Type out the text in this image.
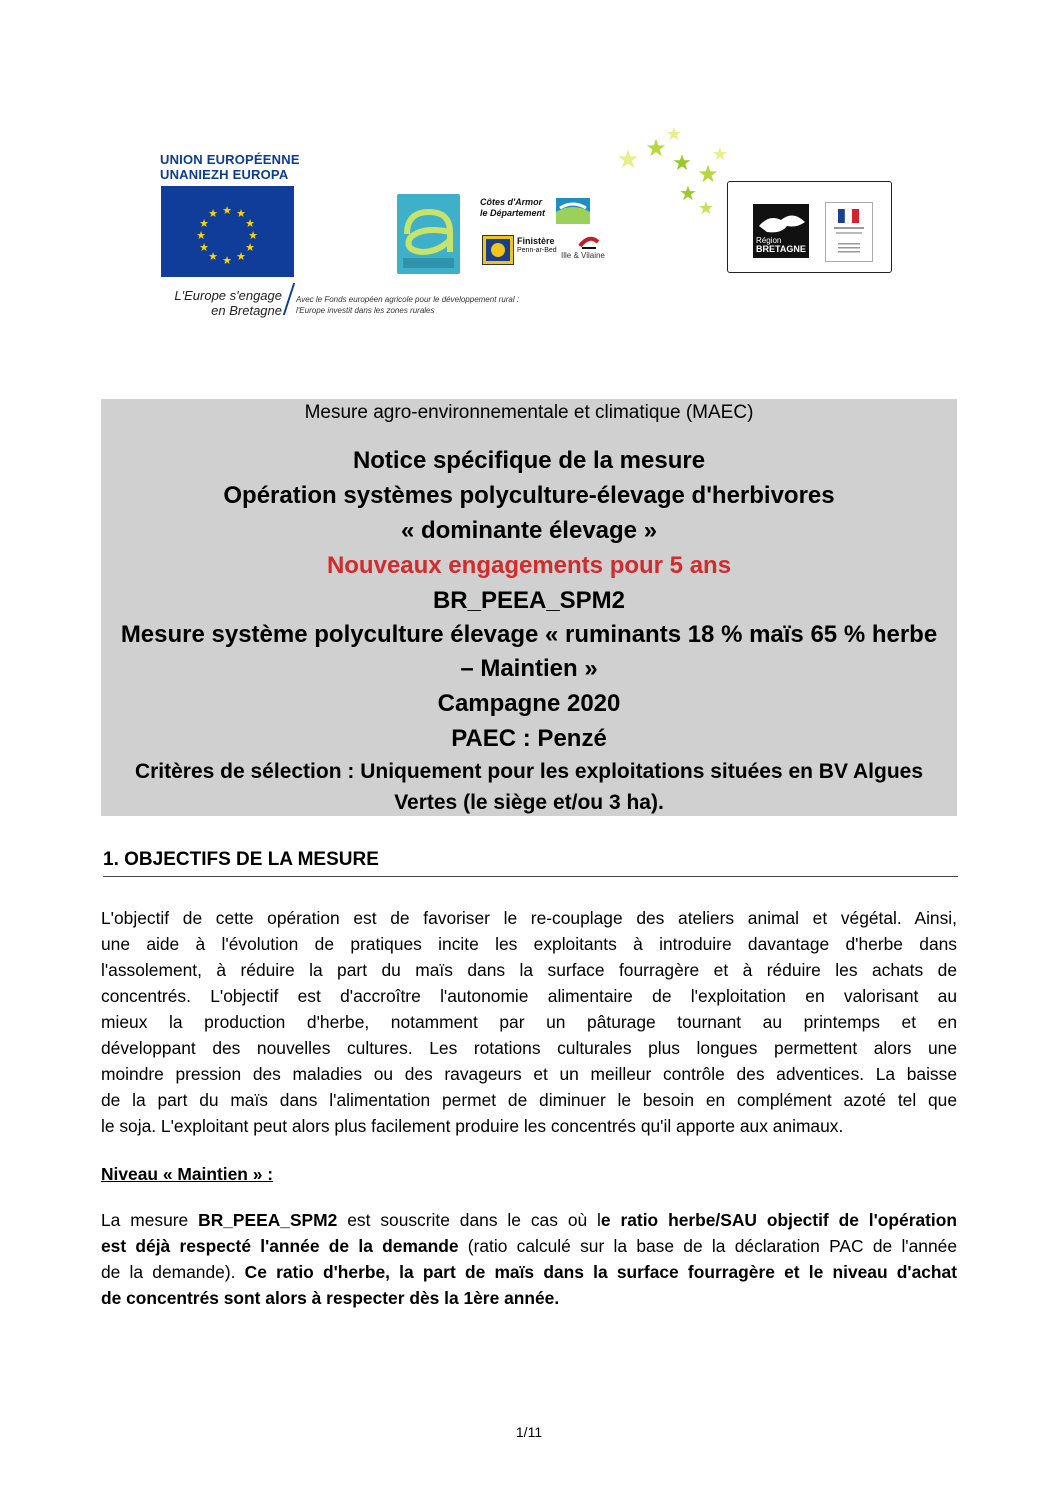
UNION EUROPÉENNE
UNANIEZH EUROPA
★ ★
★
★
★
★
★
★
★
★
★
★
L'Europe s'engage
en Bretagne
Avec le Fonds européen agricole pour le développement rural :
l'Europe investit dans les zones rurales
Côtes d'Armor
le Département
Finistère
Penn-ar-Bed
Ille & Vilaine
★ ★ ★
★ ★
★
★
★
Région
BRETAGNE
Mesure agro-environnementale et climatique (MAEC)
Notice spécifique de la mesure
Opération systèmes polyculture-élevage d'herbivores
« dominante élevage »
Nouveaux engagements pour 5 ans
BR_PEEA_SPM2
Mesure système polyculture élevage « ruminants 18 % maïs 65 % herbe
– Maintien »
Campagne 2020
PAEC : Penzé
Critères de sélection : Uniquement pour les exploitations situées en BV Algues
Vertes (le siège et/ou 3 ha).
1. OBJECTIFS DE LA MESURE
L'objectif de cette opération est de favoriser le re-couplage des ateliers animal et végétal. Ainsi,
une aide à l'évolution de pratiques incite les exploitants à introduire davantage d'herbe dans
l'assolement, à réduire la part du maïs dans la surface fourragère et à réduire les achats de
concentrés. L'objectif est d'accroître l'autonomie alimentaire de l'exploitation en valorisant au
mieux la production d'herbe, notamment par un pâturage tournant au printemps et en
développant des nouvelles cultures. Les rotations culturales plus longues permettent alors une
moindre pression des maladies ou des ravageurs et un meilleur contrôle des adventices. La baisse
de la part du maïs dans l'alimentation permet de diminuer le besoin en complément azoté tel que
le soja. L'exploitant peut alors plus facilement produire les concentrés qu'il apporte aux animaux.
Niveau « Maintien » :
La mesure BR_PEEA_SPM2 est souscrite dans le cas où le ratio herbe/SAU objectif de l'opération
est déjà respecté l'année de la demande (ratio calculé sur la base de la déclaration PAC de l'année
de la demande). Ce ratio d'herbe, la part de maïs dans la surface fourragère et le niveau d'achat
de concentrés sont alors à respecter dès la 1ère année.
1/11
